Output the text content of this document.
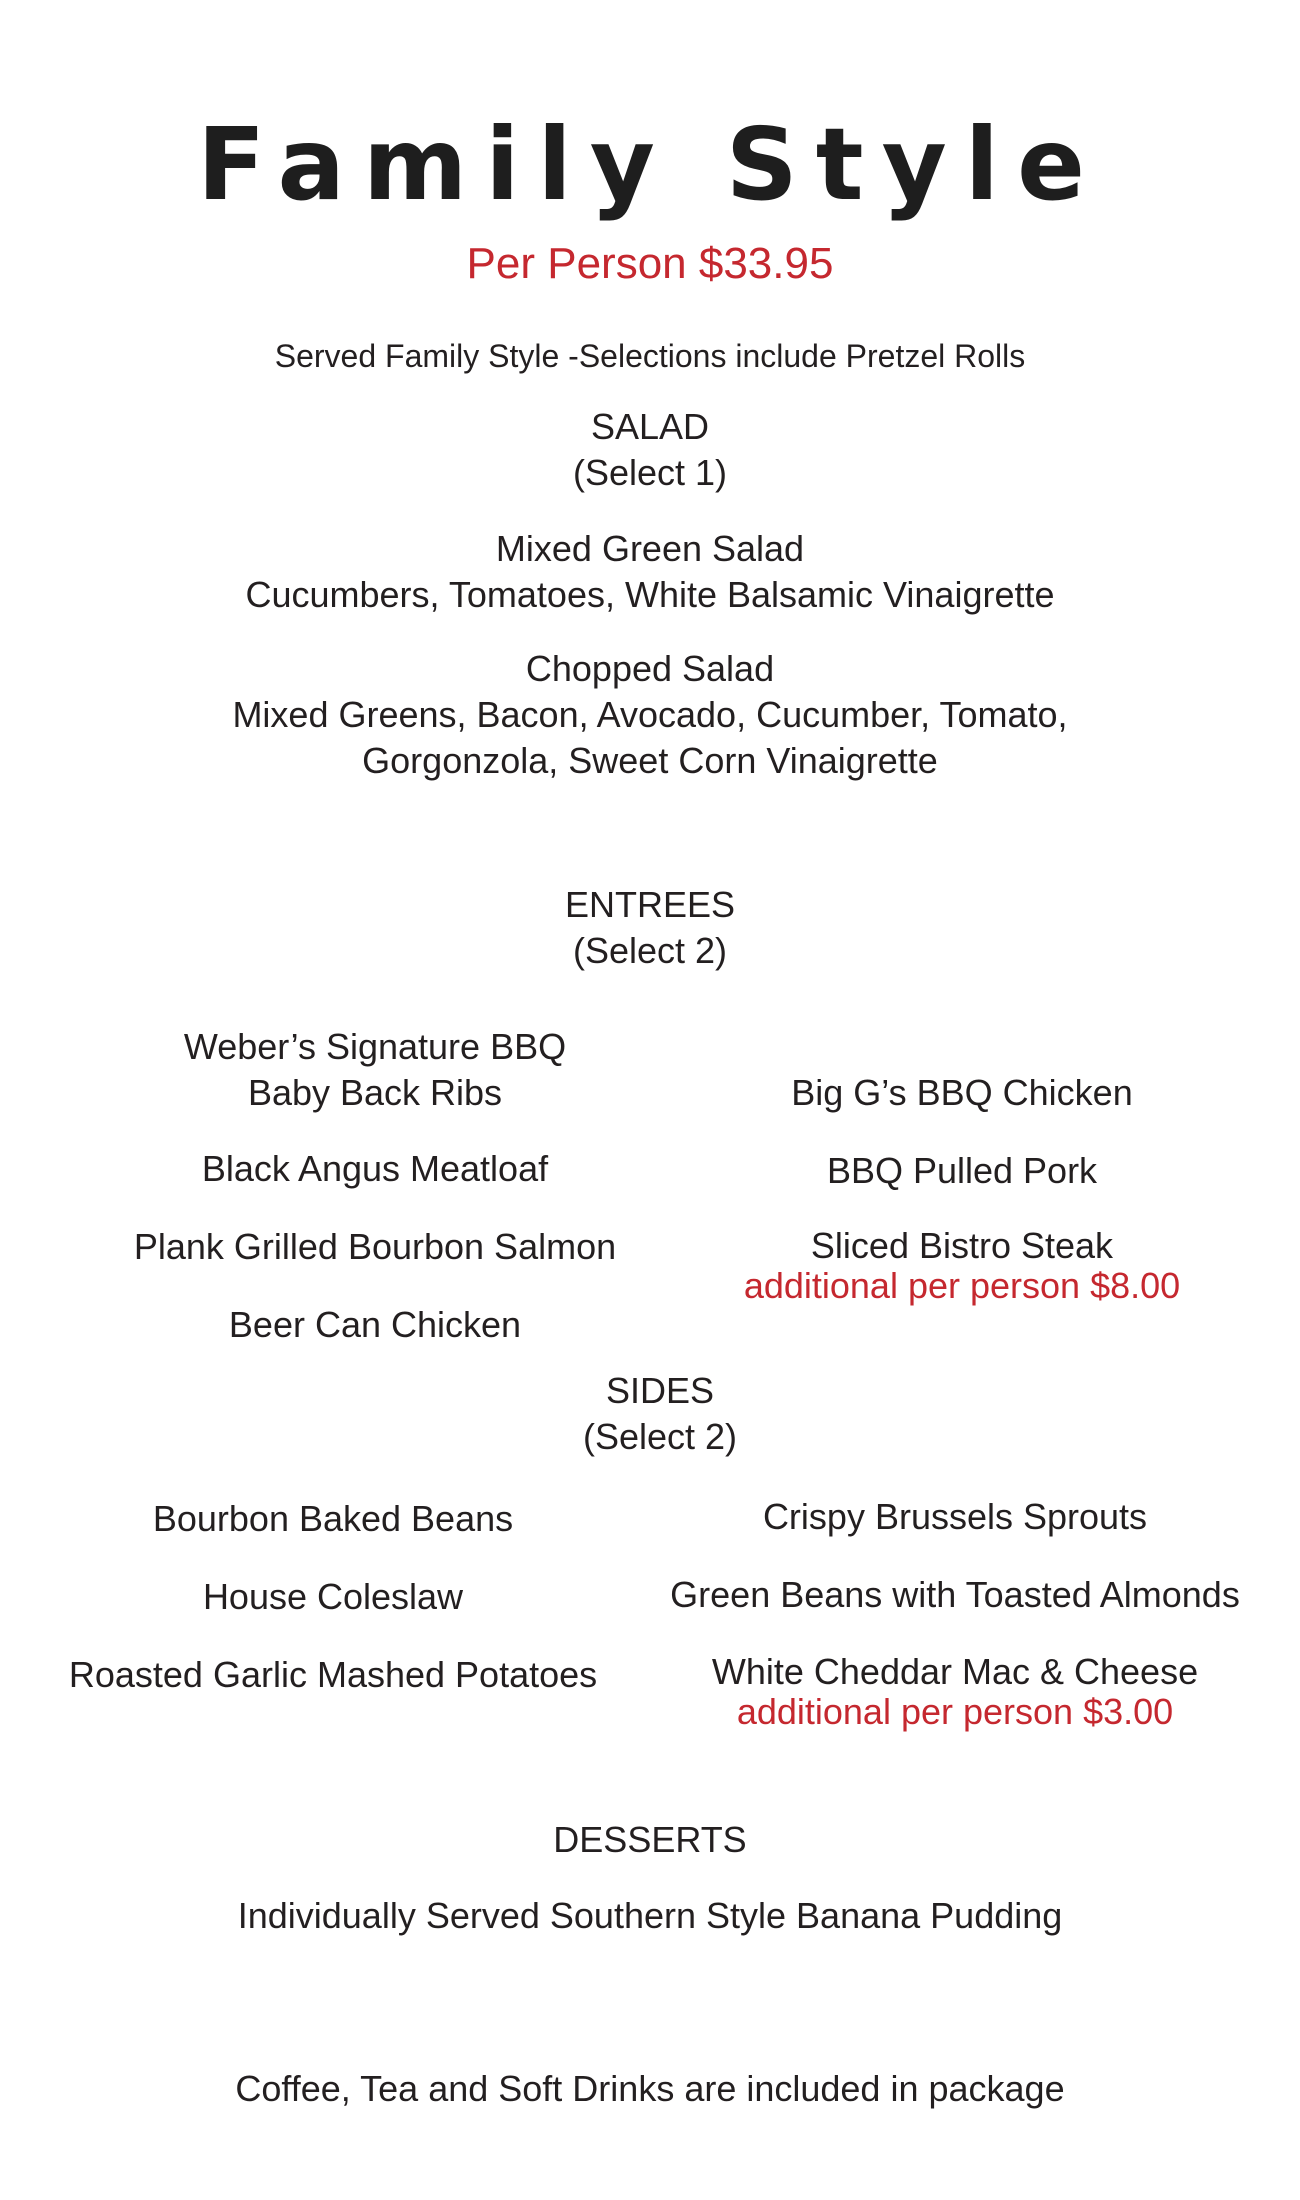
Family Style
Per Person $33.95
Served Family Style -Selections include Pretzel Rolls
SALAD
(Select 1)
Mixed Green Salad
Cucumbers, Tomatoes, White Balsamic Vinaigrette
Chopped Salad
Mixed Greens, Bacon, Avocado, Cucumber, Tomato,
Gorgonzola, Sweet Corn Vinaigrette
ENTREES
(Select 2)
Weber’s Signature BBQ
Baby Back Ribs
Black Angus Meatloaf
Plank Grilled Bourbon Salmon
Beer Can Chicken
Big G’s BBQ Chicken
BBQ Pulled Pork
Sliced Bistro Steak
additional per person $8.00
SIDES
(Select 2)
Bourbon Baked Beans
House Coleslaw
Roasted Garlic Mashed Potatoes
Crispy Brussels Sprouts
Green Beans with Toasted Almonds
White Cheddar Mac & Cheese
additional per person $3.00
DESSERTS
Individually Served Southern Style Banana Pudding
Coffee, Tea and Soft Drinks are included in package
